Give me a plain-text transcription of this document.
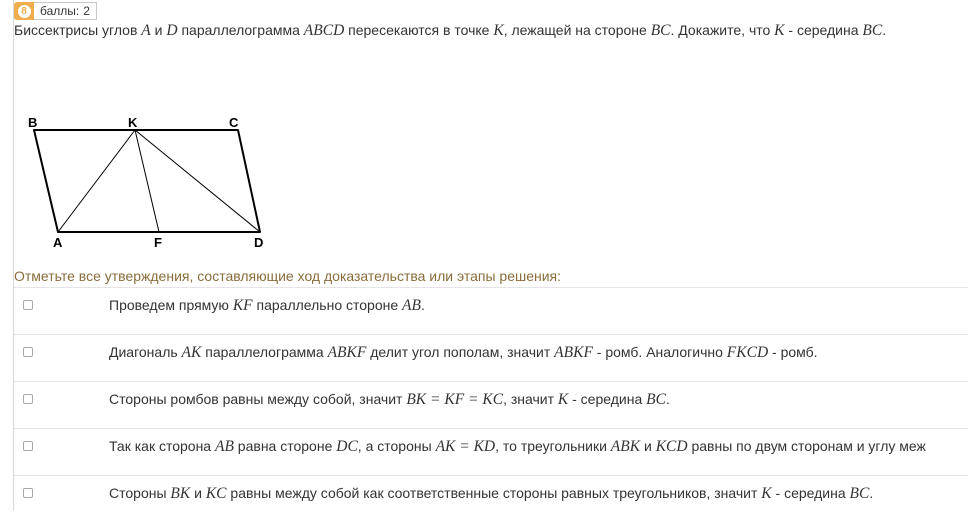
8	баллы: 2
Биссектрисы углов A и D параллелограмма ABCD пересекаются в точке K, лежащей на стороне BC. Докажите, что K - середина BC.
B	K	C
A	F	D
Отметьте все утверждения, составляющие ход доказательства или этапы решения:
Проведем прямую KF параллельно стороне AB.
Диагональ AK параллелограмма ABKF делит угол пополам, значит ABKF - ромб. Аналогично FKCD - ромб.
Стороны ромбов равны между собой, значит BK = KF = KC, значит K - середина BC.
Так как сторона AB равна стороне DC, а стороны AK = KD, то треугольники ABK и KCD равны по двум сторонам и углу меж
Стороны BK и KC равны между собой как соответственные стороны равных треугольников, значит K - середина BC.
